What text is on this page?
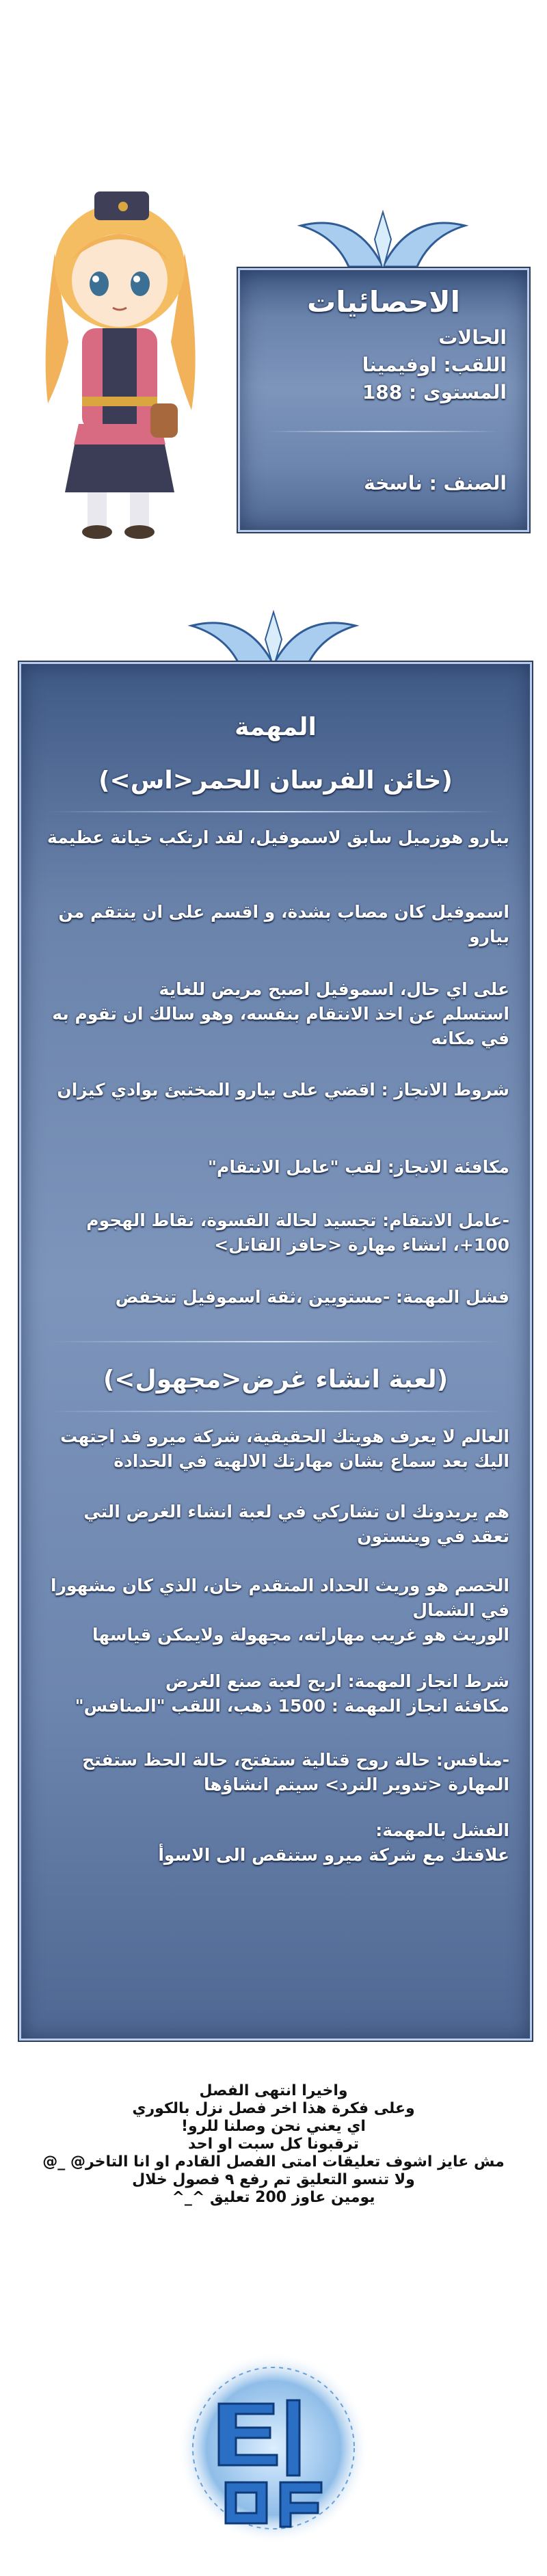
الاحصائيات
الحالات
اللقب: اوفيمينا
المستوى : 188
الصنف : ناسخة
المهمة
(خائن الفرسان الحمر<اس>)
بيارو هوزميل سابق لاسموفيل، لقد ارتكب خيانة عظيمة
اسموفيل كان مصاب بشدة، و اقسم على ان ينتقم من بيارو
على اي حال، اسموفيل اصبح مريض للغاية
استسلم عن اخذ الانتقام بنفسه، وهو سالك ان تقوم به في مكانه
شروط الانجاز : اقضي على بيارو المختبئ بوادي كيزان
مكافئة الانجاز: لقب "عامل الانتقام"
-عامل الانتقام: تجسيد لحالة القسوة، نقاط الهجوم 100+، انشاء مهارة <حافز القاتل>
فشل المهمة: -مستويين ،ثقة اسموفيل تنخفض
(لعبة انشاء غرض<مجهول>)
العالم لا يعرف هويتك الحقيقية، شركة ميرو قد اجتهت اليك بعد سماع بشان مهارتك الالهية في الحدادة
هم يريدونك ان تشاركي في لعبة انشاء الغرض التي تعقد في وينستون
الخصم هو وريث الحداد المتقدم خان، الذي كان مشهورا في الشمال
الوريث هو غريب مهاراته، مجهولة ولايمكن قياسها
شرط انجاز المهمة: اربح لعبة صنع الغرض
مكافئة انجاز المهمة : 1500 ذهب، اللقب "المنافس"
-منافس: حالة روح قتالية ستفتح، حالة الحظ ستفتح المهارة <تدوير النرد> سيتم انشاؤها
الفشل بالمهمة:
علاقتك مع شركة ميرو ستنقص الى الاسوأ
واخيرا انتهى الفصل
وعلى فكرة هذا اخر فصل نزل بالكوري
اي يعني نحن وصلنا للرو!
ترقبونا كل سبت او احد
مش عايز اشوف تعليقات امتى الفصل القادم او انا التاخر@ _@
ولا تنسو التعليق تم رفع ٩ فصول خلال
يومين عاوز 200 تعليق ^_^
